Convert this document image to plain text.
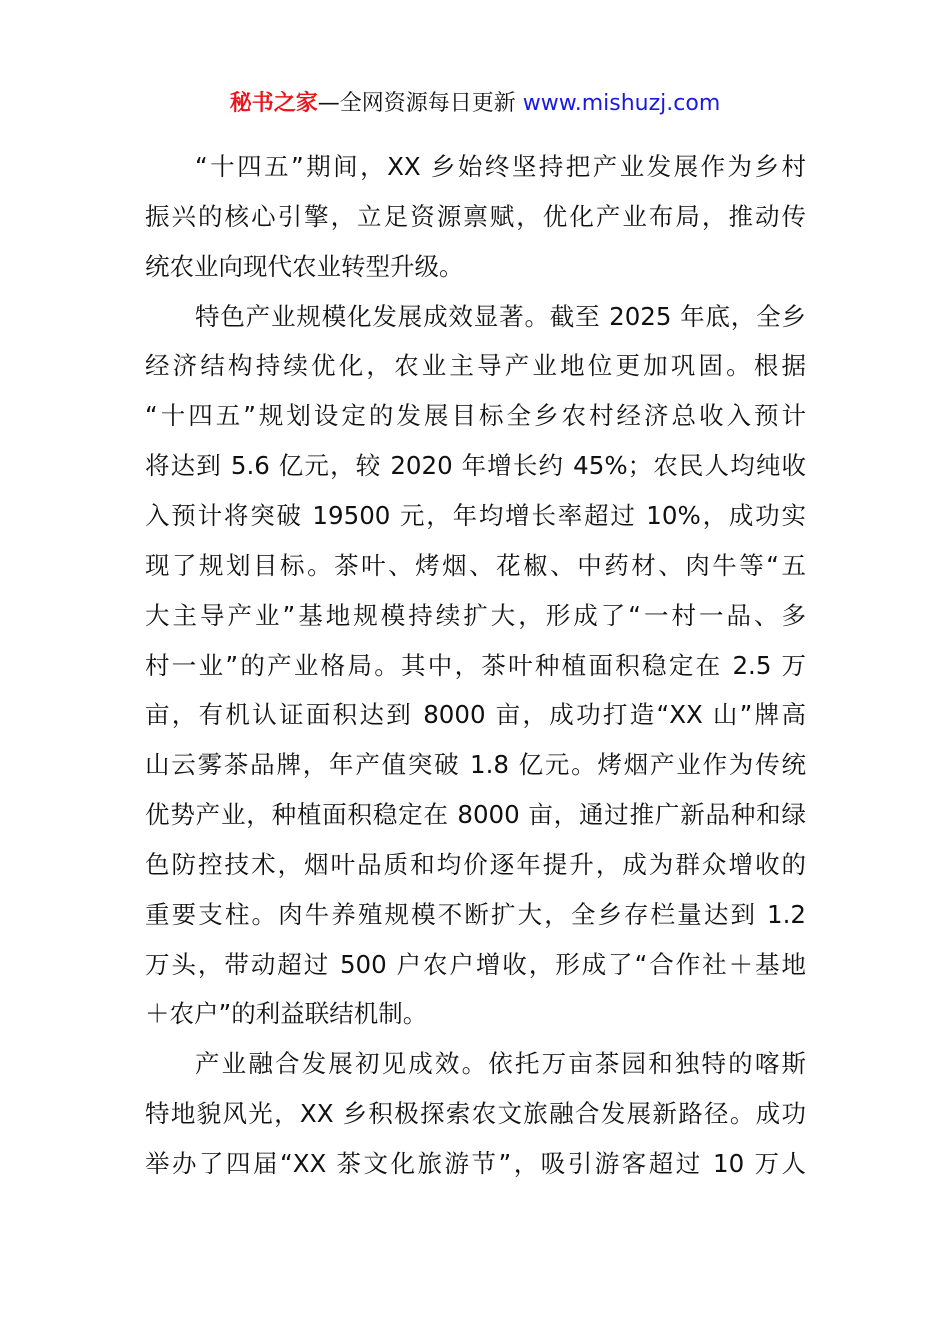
秘书之家—全网资源每日更新 www.mishuzj.com
“十四五”期间，XX 乡始终坚持把产业发展作为乡村
振兴的核心引擎，立足资源禀赋，优化产业布局，推动传
统农业向现代农业转型升级。
特色产业规模化发展成效显著。截至 2025 年底，全乡
经济结构持续优化，农业主导产业地位更加巩固。根据
“十四五”规划设定的发展目标全乡农村经济总收入预计
将达到 5.6 亿元，较 2020 年增长约 45%；农民人均纯收
入预计将突破 19500 元，年均增长率超过 10%，成功实
现了规划目标。茶叶、烤烟、花椒、中药材、肉牛等“五
大主导产业”基地规模持续扩大，形成了“一村一品、多
村一业”的产业格局。其中，茶叶种植面积稳定在 2.5 万
亩，有机认证面积达到 8000 亩，成功打造“XX 山”牌高
山云雾茶品牌，年产值突破 1.8 亿元。烤烟产业作为传统
优势产业，种植面积稳定在 8000 亩，通过推广新品种和绿
色防控技术，烟叶品质和均价逐年提升，成为群众增收的
重要支柱。肉牛养殖规模不断扩大，全乡存栏量达到 1.2
万头，带动超过 500 户农户增收，形成了“合作社＋基地
＋农户”的利益联结机制。
产业融合发展初见成效。依托万亩茶园和独特的喀斯
特地貌风光，XX 乡积极探索农文旅融合发展新路径。成功
举办了四届“XX 茶文化旅游节”，吸引游客超过 10 万人
